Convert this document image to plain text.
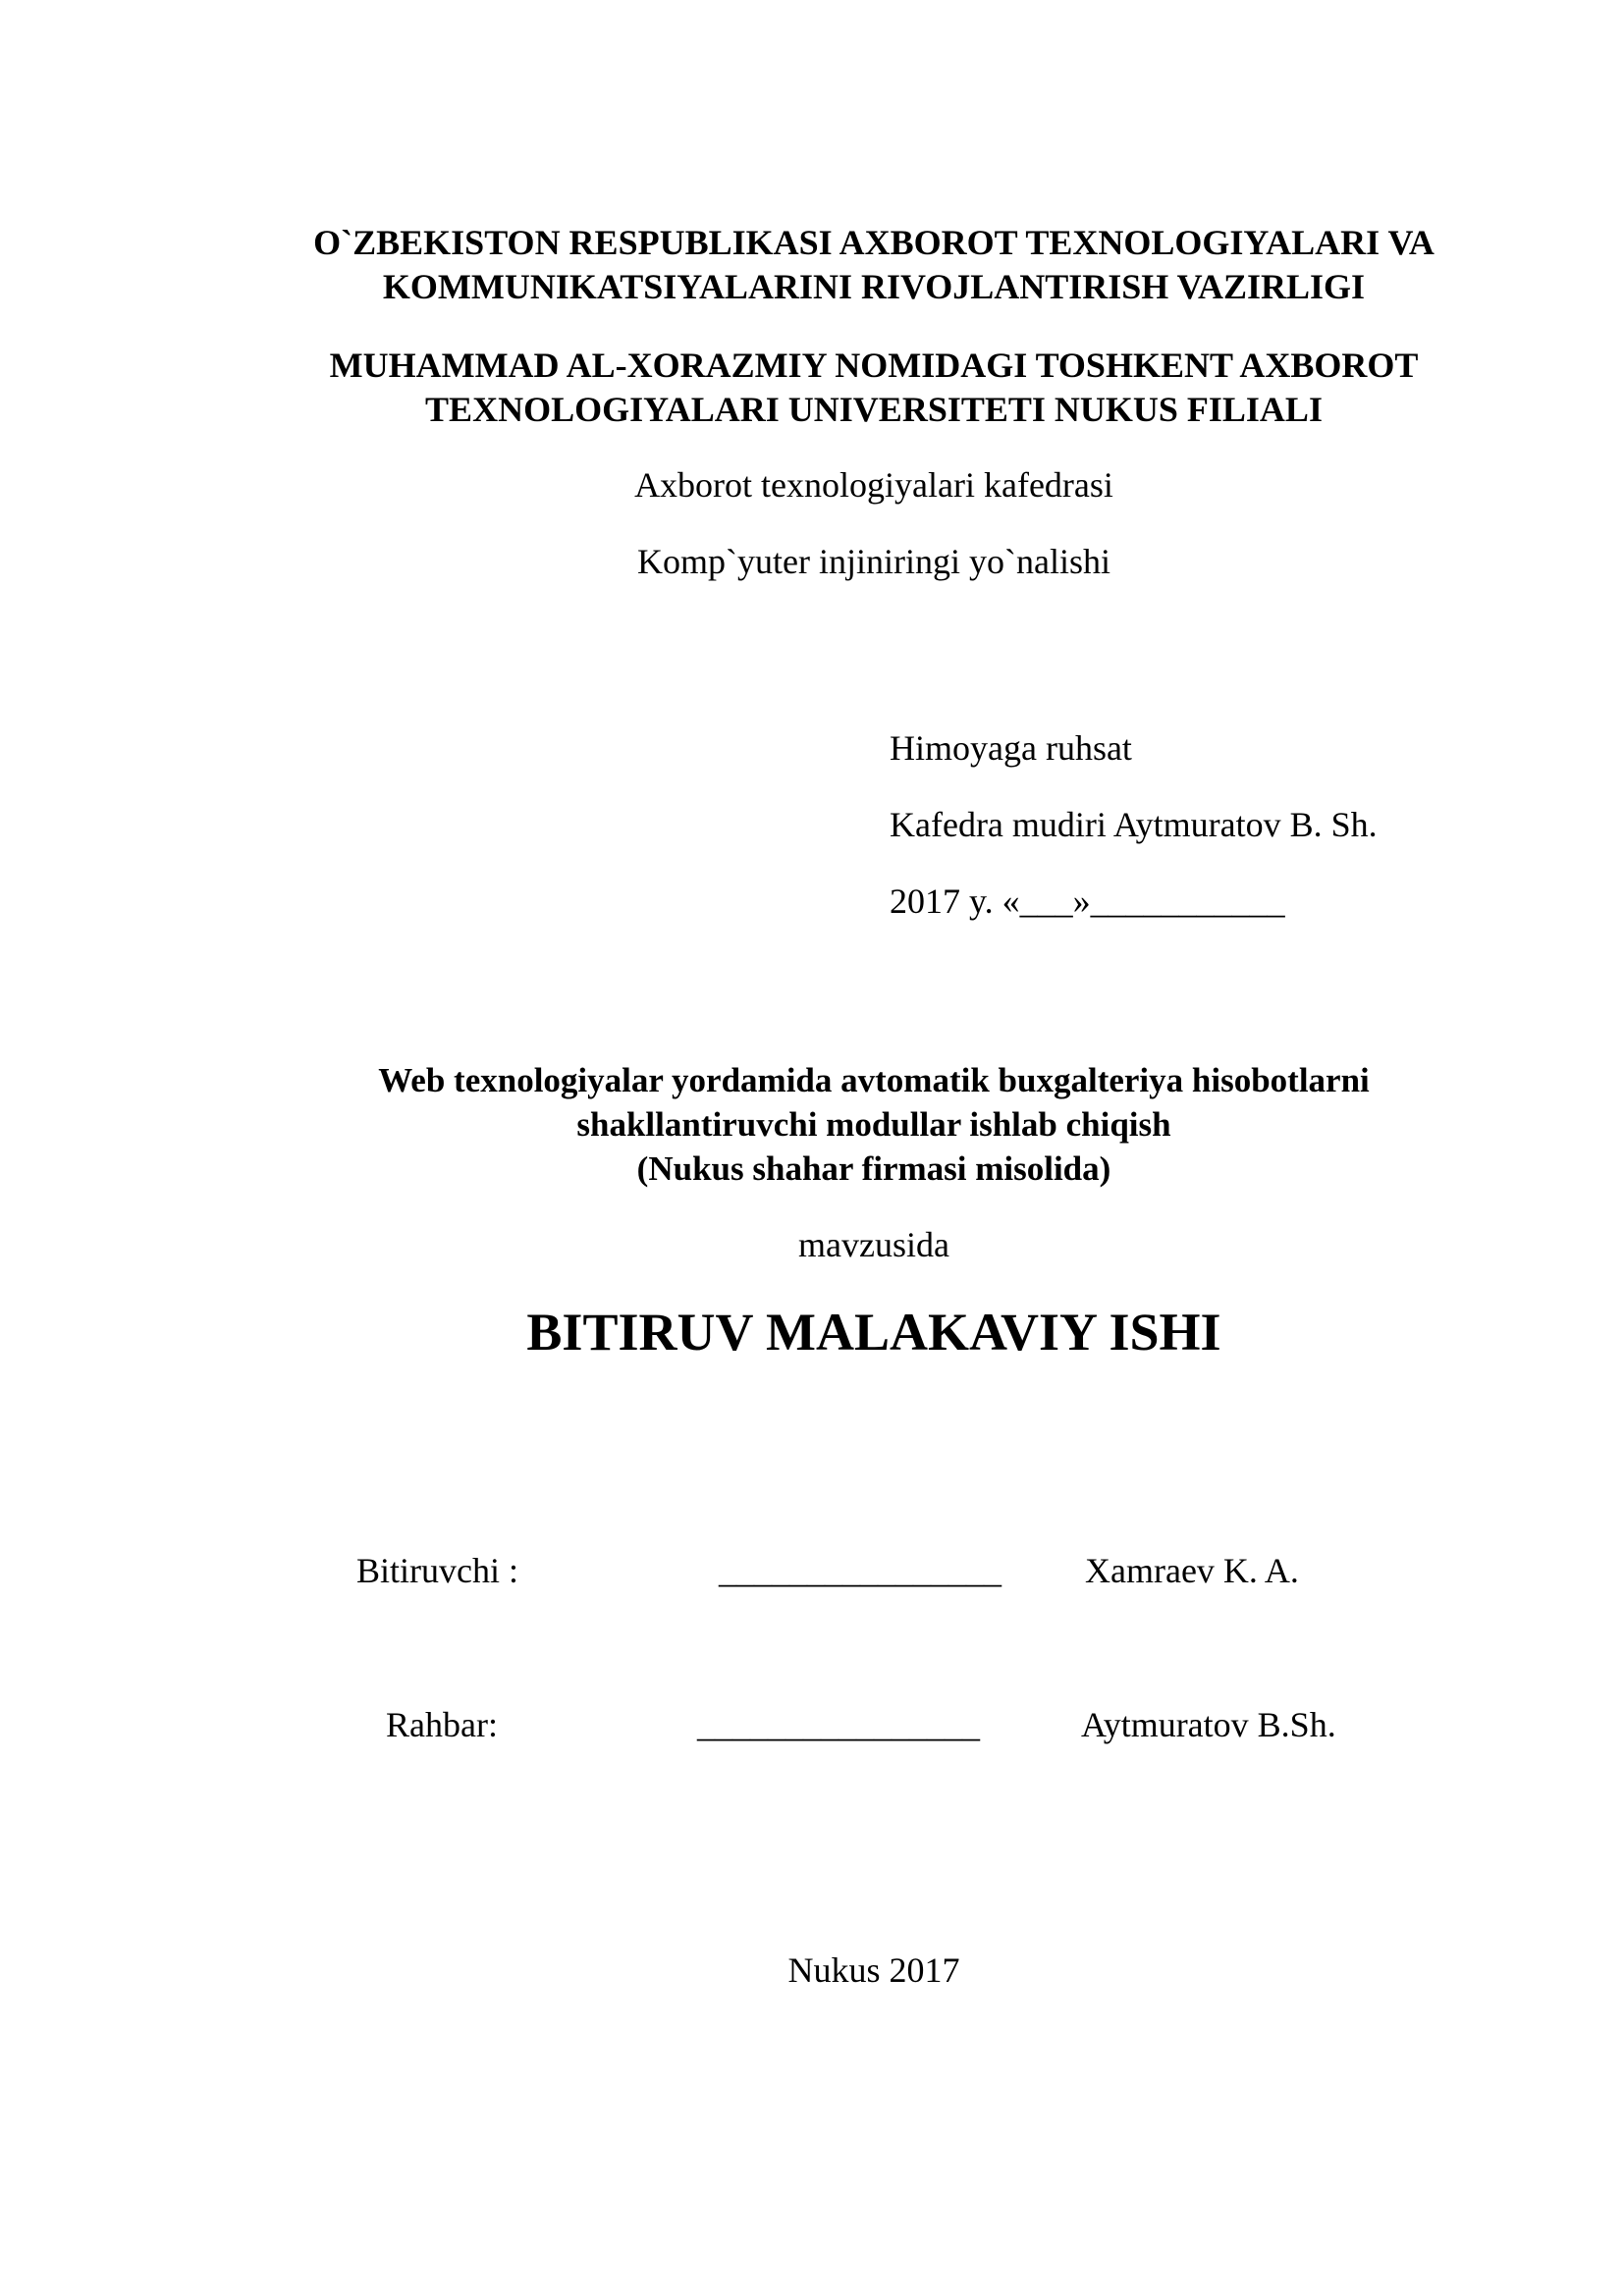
O`ZBEKISTON RESPUBLIKASI AXBOROT TEXNOLOGIYALARI VA
KOMMUNIKATSIYALARINI RIVOJLANTIRISH VAZIRLIGI
MUHAMMAD AL-XORAZMIY NOMIDAGI TOSHKENT AXBOROT
TEXNOLOGIYALARI UNIVERSITETI NUKUS FILIALI
Axborot texnologiyalari kafedrasi
Komp`yuter injiniringi yo`nalishi
Himoyaga ruhsat
Kafedra mudiri Aytmuratov B. Sh.
2017 y. «___»___________
Web texnologiyalar yordamida avtomatik buxgalteriya hisobotlarni
shakllantiruvchi modullar ishlab chiqish
(Nukus shahar firmasi misolida)
mavzusida
BITIRUV MALAKAVIY ISHI
Bitiruvchi :	________________ Xamraev K. A.
Rahbar:	________________	Aytmuratov B.Sh.
Nukus 2017
